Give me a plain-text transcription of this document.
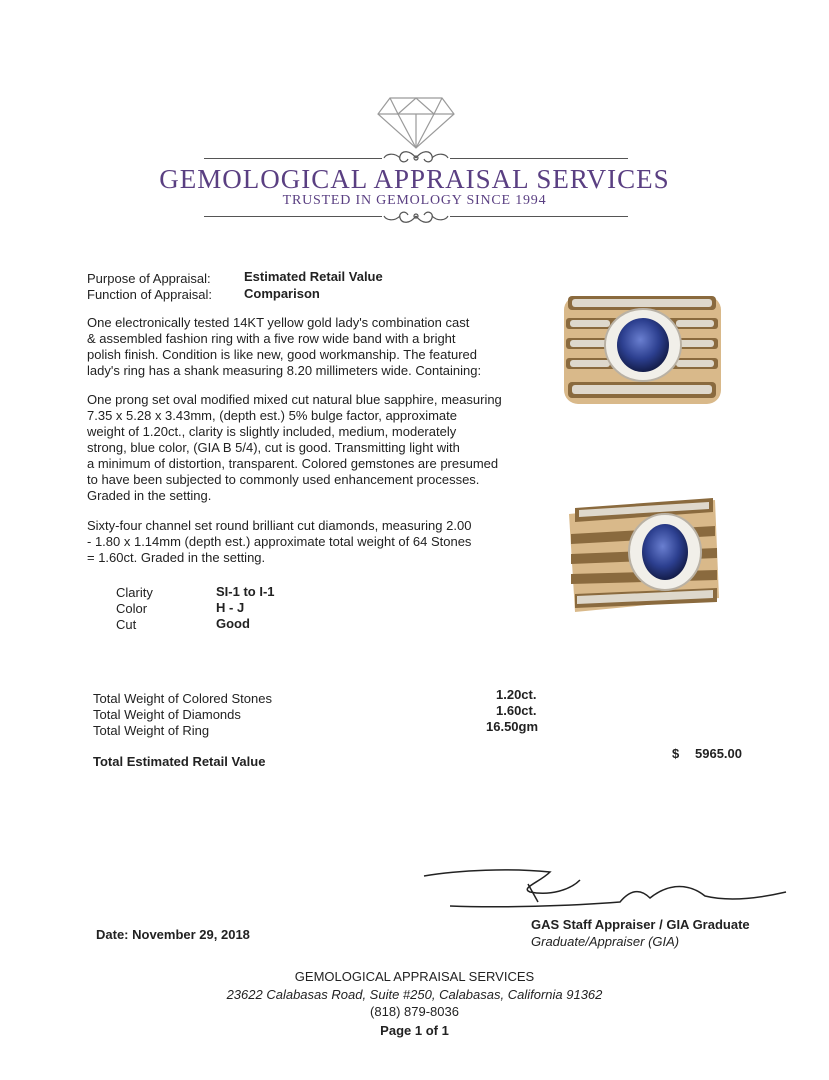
GEMOLOGICAL APPRAISAL SERVICES
TRUSTED IN GEMOLOGY SINCE 1994
Purpose of Appraisal:	Estimated Retail Value
Function of Appraisal: Comparison
One electronically tested 14KT yellow gold lady's combination cast
& assembled fashion ring with a five row wide band with a bright
polish finish. Condition is like new, good workmanship. The featured
lady's ring has a shank measuring 8.20 millimeters wide. Containing:
One prong set oval modified mixed cut natural blue sapphire, measuring
7.35 x 5.28 x 3.43mm, (depth est.) 5% bulge factor, approximate
weight of 1.20ct., clarity is slightly included, medium, moderately
strong, blue color, (GIA B 5/4), cut is good. Transmitting light with
a minimum of distortion, transparent. Colored gemstones are presumed
to have been subjected to commonly used enhancement processes.
Graded in the setting.
Sixty-four channel set round brilliant cut diamonds, measuring 2.00
- 1.80 x 1.14mm (depth est.) approximate total weight of 64 Stones
= 1.60ct. Graded in the setting.
Clarity	SI-1 to I-1
Color	H - J
Cut	Good
Total Weight of Colored Stones	1.20ct.
Total Weight of Diamonds	1.60ct.
Total Weight of Ring	16.50gm
Total Estimated Retail Value
$ 5965.00
GAS Staff Appraiser / GIA Graduate
Graduate/Appraiser (GIA)
Date: November 29, 2018
GEMOLOGICAL APPRAISAL SERVICES
23622 Calabasas Road, Suite #250, Calabasas, California 91362
(818) 879-8036
Page 1 of 1
